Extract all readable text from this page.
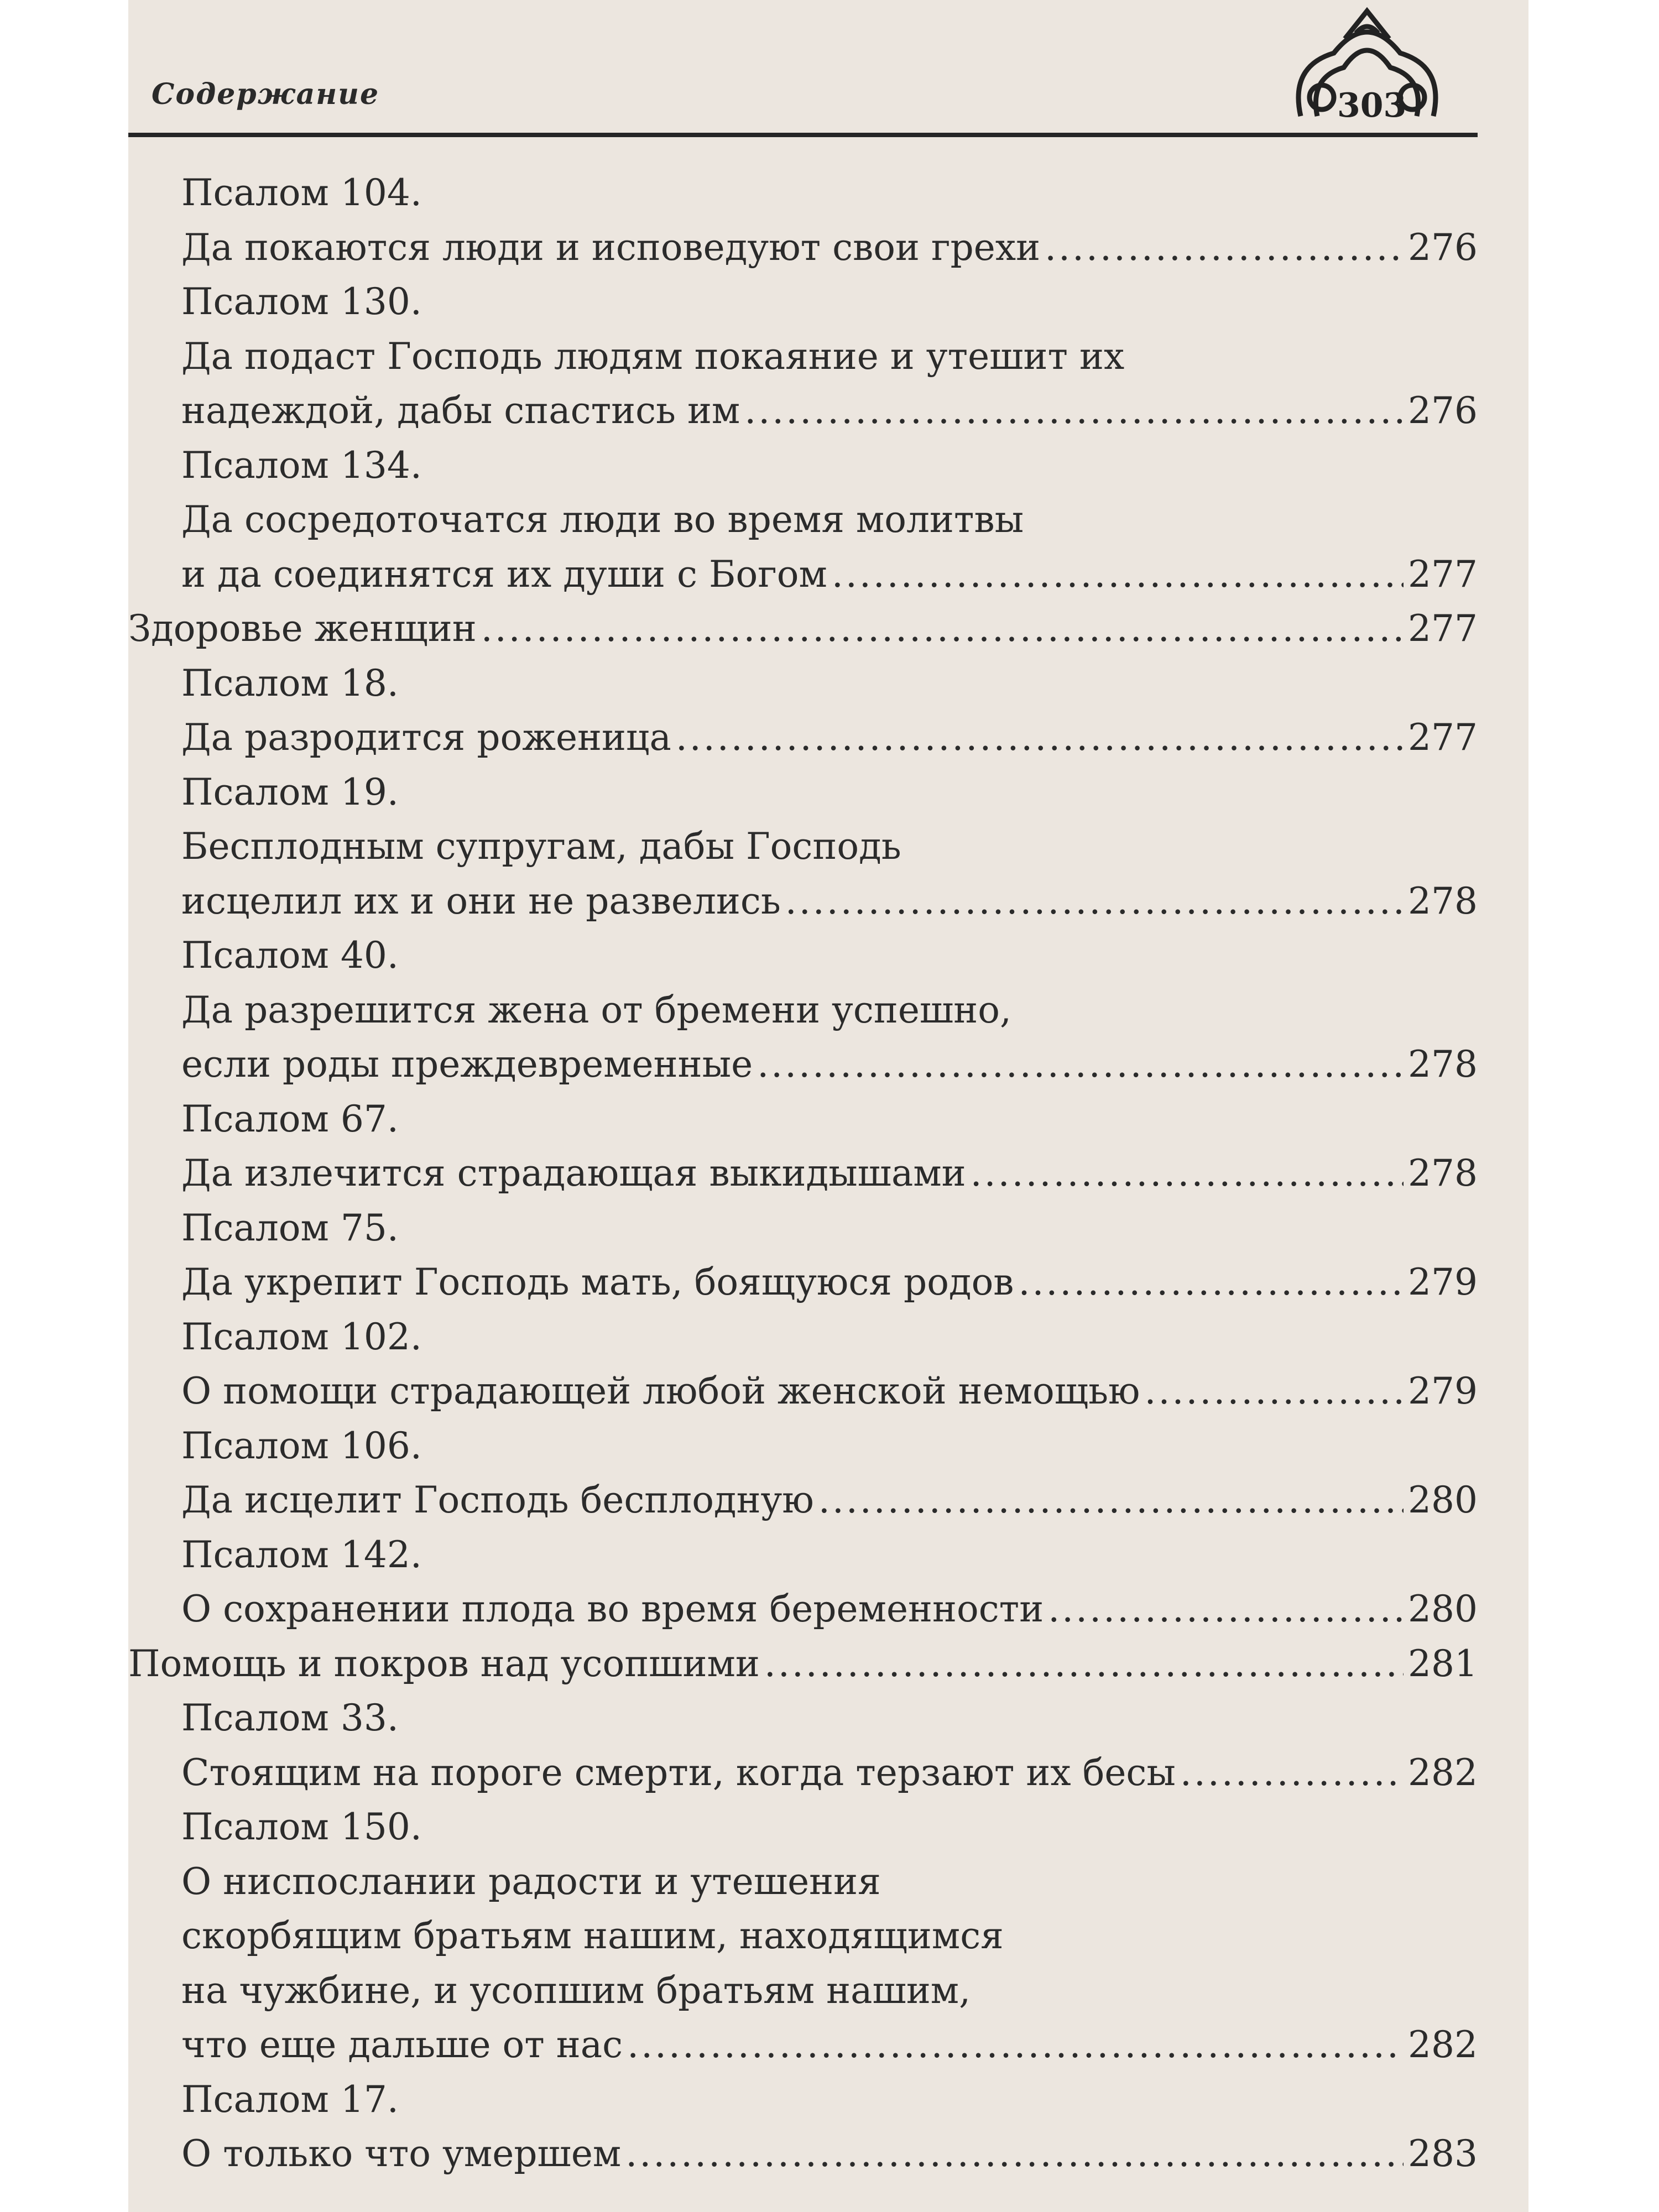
Содержание	303
Псалом 104.
Да покаются люди и исповедуют свои грехи .....	276
Псалом 130.
Да подаст Господь людям покаяние и утешит их
надеждой, дабы спастись им .....	276
Псалом 134.
Да сосредоточатся люди во время молитвы
и да соединятся их души с Богом .....	277
Здоровье женщин .....	277
Псалом 18.
Да разродится роженица .....	277
Псалом 19.
Бесплодным супругам, дабы Господь
исцелил их и они не развелись .....	278
Псалом 40.
Да разрешится жена от бремени успешно,
если роды преждевременные .....	278
Псалом 67.
Да излечится страдающая выкидышами .....	278
Псалом 75.
Да укрепит Господь мать, боящуюся родов .....	279
Псалом 102.
О помощи страдающей любой женской немощью .....	279
Псалом 106.
Да исцелит Господь бесплодную .....	280
Псалом 142.
О сохранении плода во время беременности .....	280
Помощь и покров над усопшими .....	281
Псалом 33.
Стоящим на пороге смерти, когда терзают их бесы .....	282
Псалом 150.
О ниспослании радости и утешения
скорбящим братьям нашим, находящимся
на чужбине, и усопшим братьям нашим,
что еще дальше от нас .....	282
Псалом 17.
О только что умершем .....	283
